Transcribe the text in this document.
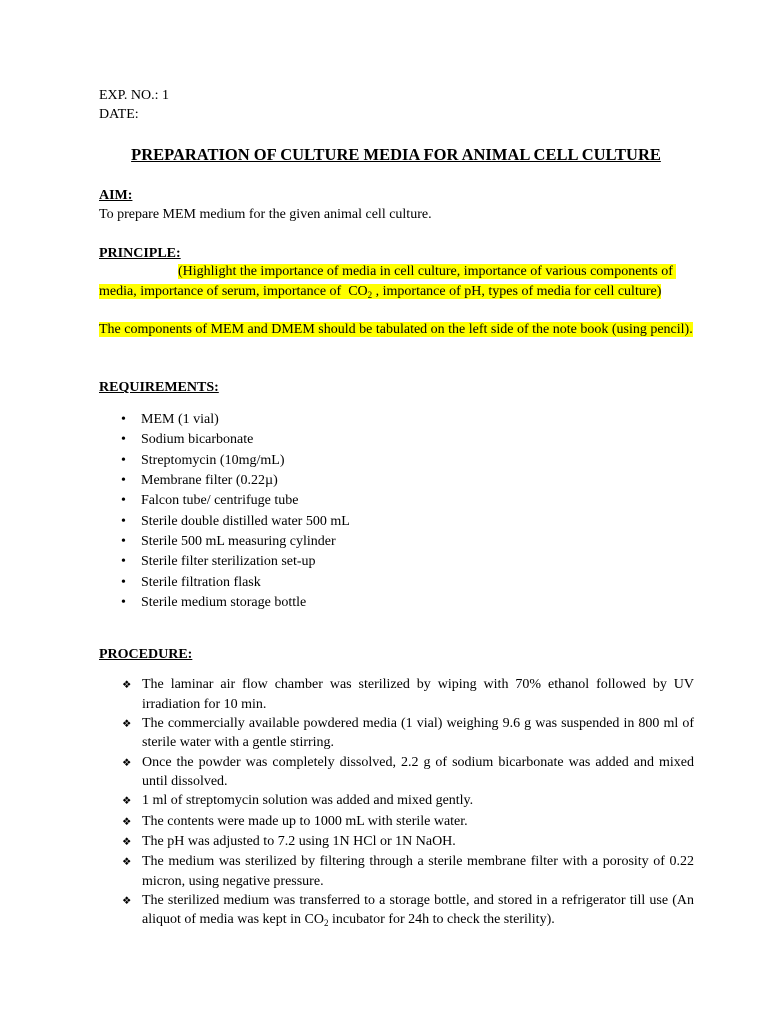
EXP. NO.: 1
DATE:
PREPARATION OF CULTURE MEDIA FOR ANIMAL CELL CULTURE
AIM:
To prepare MEM medium for the given animal cell culture.
PRINCIPLE:
(Highlight the importance of media in cell culture, importance of various components of media, importance of serum, importance of  $CO_2$ , importance of pH, types of media for cell culture)
The components of MEM and DMEM should be tabulated on the left side of the note book (using pencil).
REQUIREMENTS:
•	MEM (1 vial)
•	Sodium bicarbonate
•	Streptomycin (10mg/mL)
•	Membrane filter (0.22µ)
•	Falcon tube/ centrifuge tube
•	Sterile double distilled water 500 mL
•	Sterile 500 mL measuring cylinder
•	Sterile filter sterilization set-up
•	Sterile filtration flask
•	Sterile medium storage bottle
PROCEDURE:
❖ The laminar air flow chamber was sterilized by wiping with 70% ethanol followed by UV irradiation for 10 min.
❖ The commercially available powdered media (1 vial) weighing 9.6 g was suspended in 800 ml of sterile water with a gentle stirring.
❖ Once the powder was completely dissolved, 2.2 g of sodium bicarbonate was added and mixed until dissolved.
❖ 1 ml of streptomycin solution was added and mixed gently.
❖ The contents were made up to 1000 mL with sterile water.
❖ The pH was adjusted to 7.2 using 1N HCl or 1N NaOH.
❖ The medium was sterilized by filtering through a sterile membrane filter with a porosity of 0.22 micron, using negative pressure.
❖ The sterilized medium was transferred to a storage bottle, and stored in a refrigerator till use (An aliquot of media was kept in $CO_2$ incubator for 24h to check the sterility).
